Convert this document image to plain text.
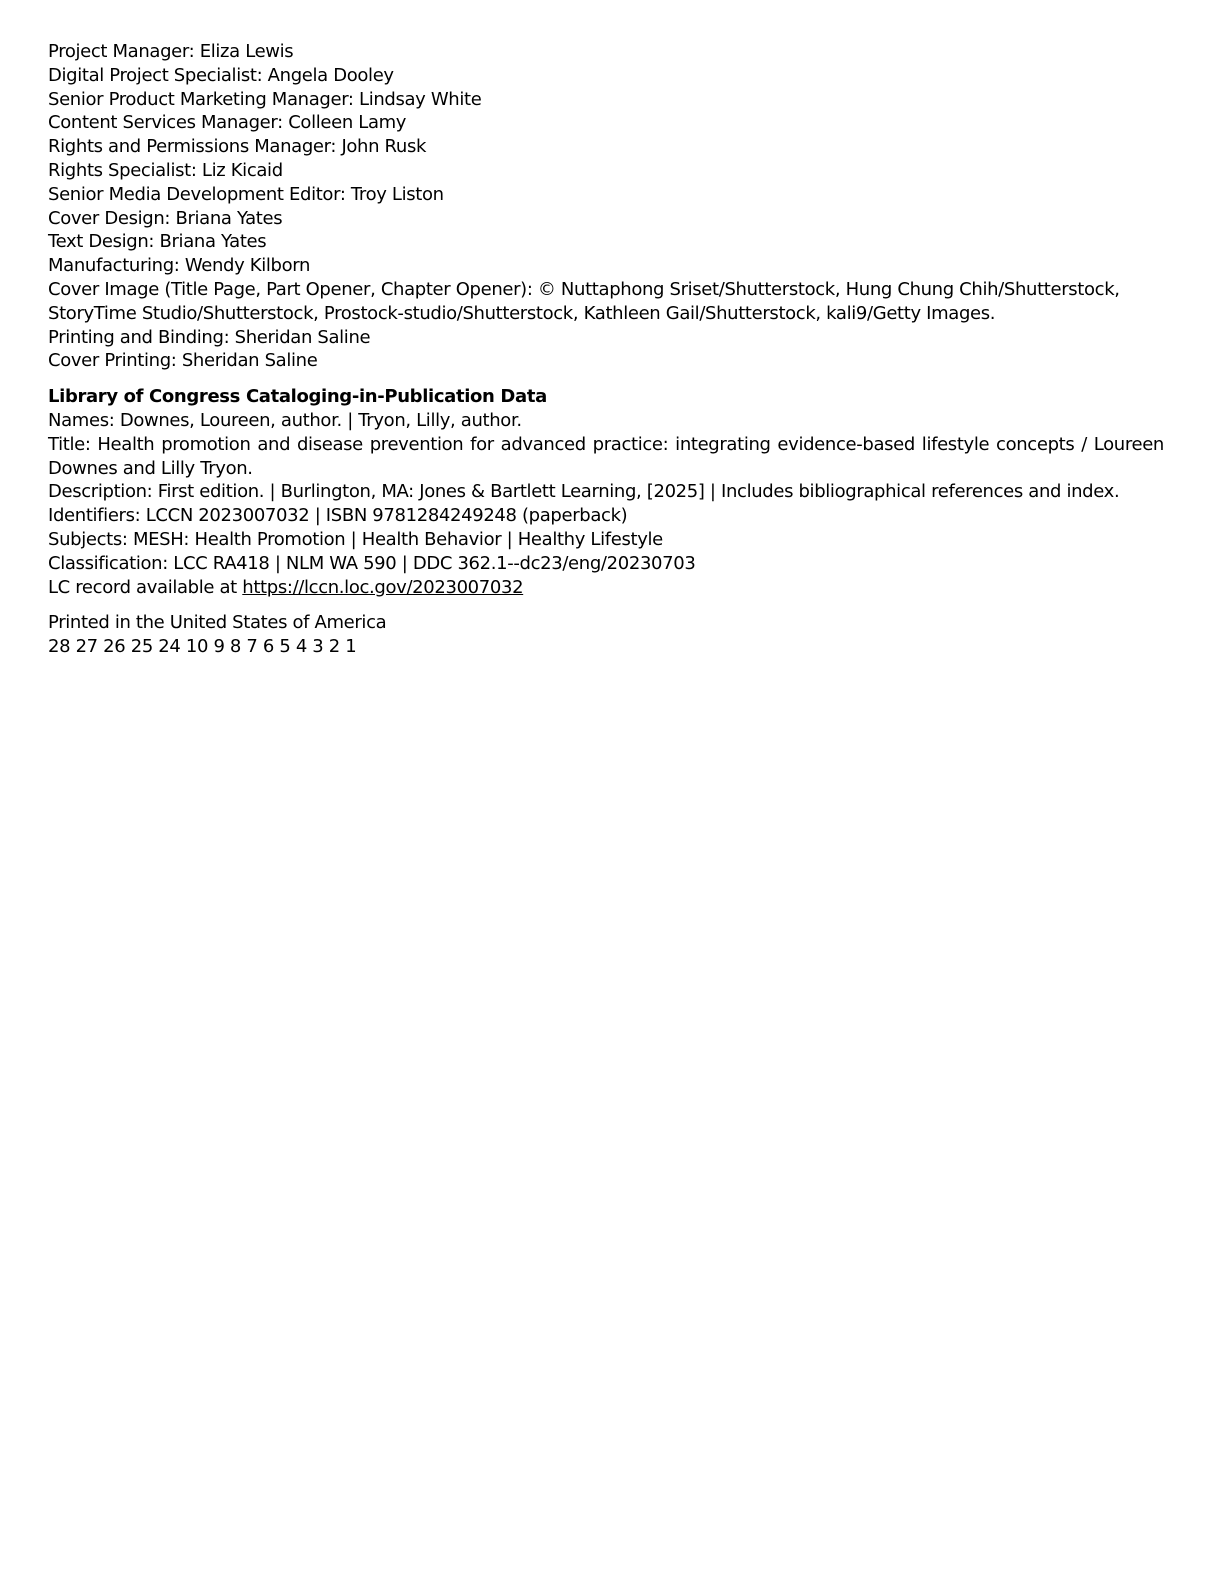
Project Manager: Eliza Lewis
Digital Project Specialist: Angela Dooley
Senior Product Marketing Manager: Lindsay White
Content Services Manager: Colleen Lamy
Rights and Permissions Manager: John Rusk
Rights Specialist: Liz Kicaid
Senior Media Development Editor: Troy Liston
Cover Design: Briana Yates
Text Design: Briana Yates
Manufacturing: Wendy Kilborn
Cover Image (Title Page, Part Opener, Chapter Opener): © Nuttaphong Sriset/Shutterstock, Hung Chung Chih/Shutterstock, StoryTime Studio/Shutterstock, Prostock-studio/Shutterstock, Kathleen Gail/Shutterstock, kali9/Getty Images.
Printing and Binding: Sheridan Saline
Cover Printing: Sheridan Saline
Library of Congress Cataloging-in-Publication Data
Names: Downes, Loureen, author. | Tryon, Lilly, author.
Title: Health promotion and disease prevention for advanced practice: integrating evidence-based lifestyle concepts / Loureen Downes and Lilly Tryon.
Description: First edition. | Burlington, MA: Jones & Bartlett Learning, [2025] | Includes bibliographical references and index.
Identifiers: LCCN 2023007032 | ISBN 9781284249248 (paperback)
Subjects: MESH: Health Promotion | Health Behavior | Healthy Lifestyle
Classification: LCC RA418 | NLM WA 590 | DDC 362.1--dc23/eng/20230703
LC record available at https://lccn.loc.gov/2023007032
Printed in the United States of America
28 27 26 25 24 10 9 8 7 6 5 4 3 2 1
